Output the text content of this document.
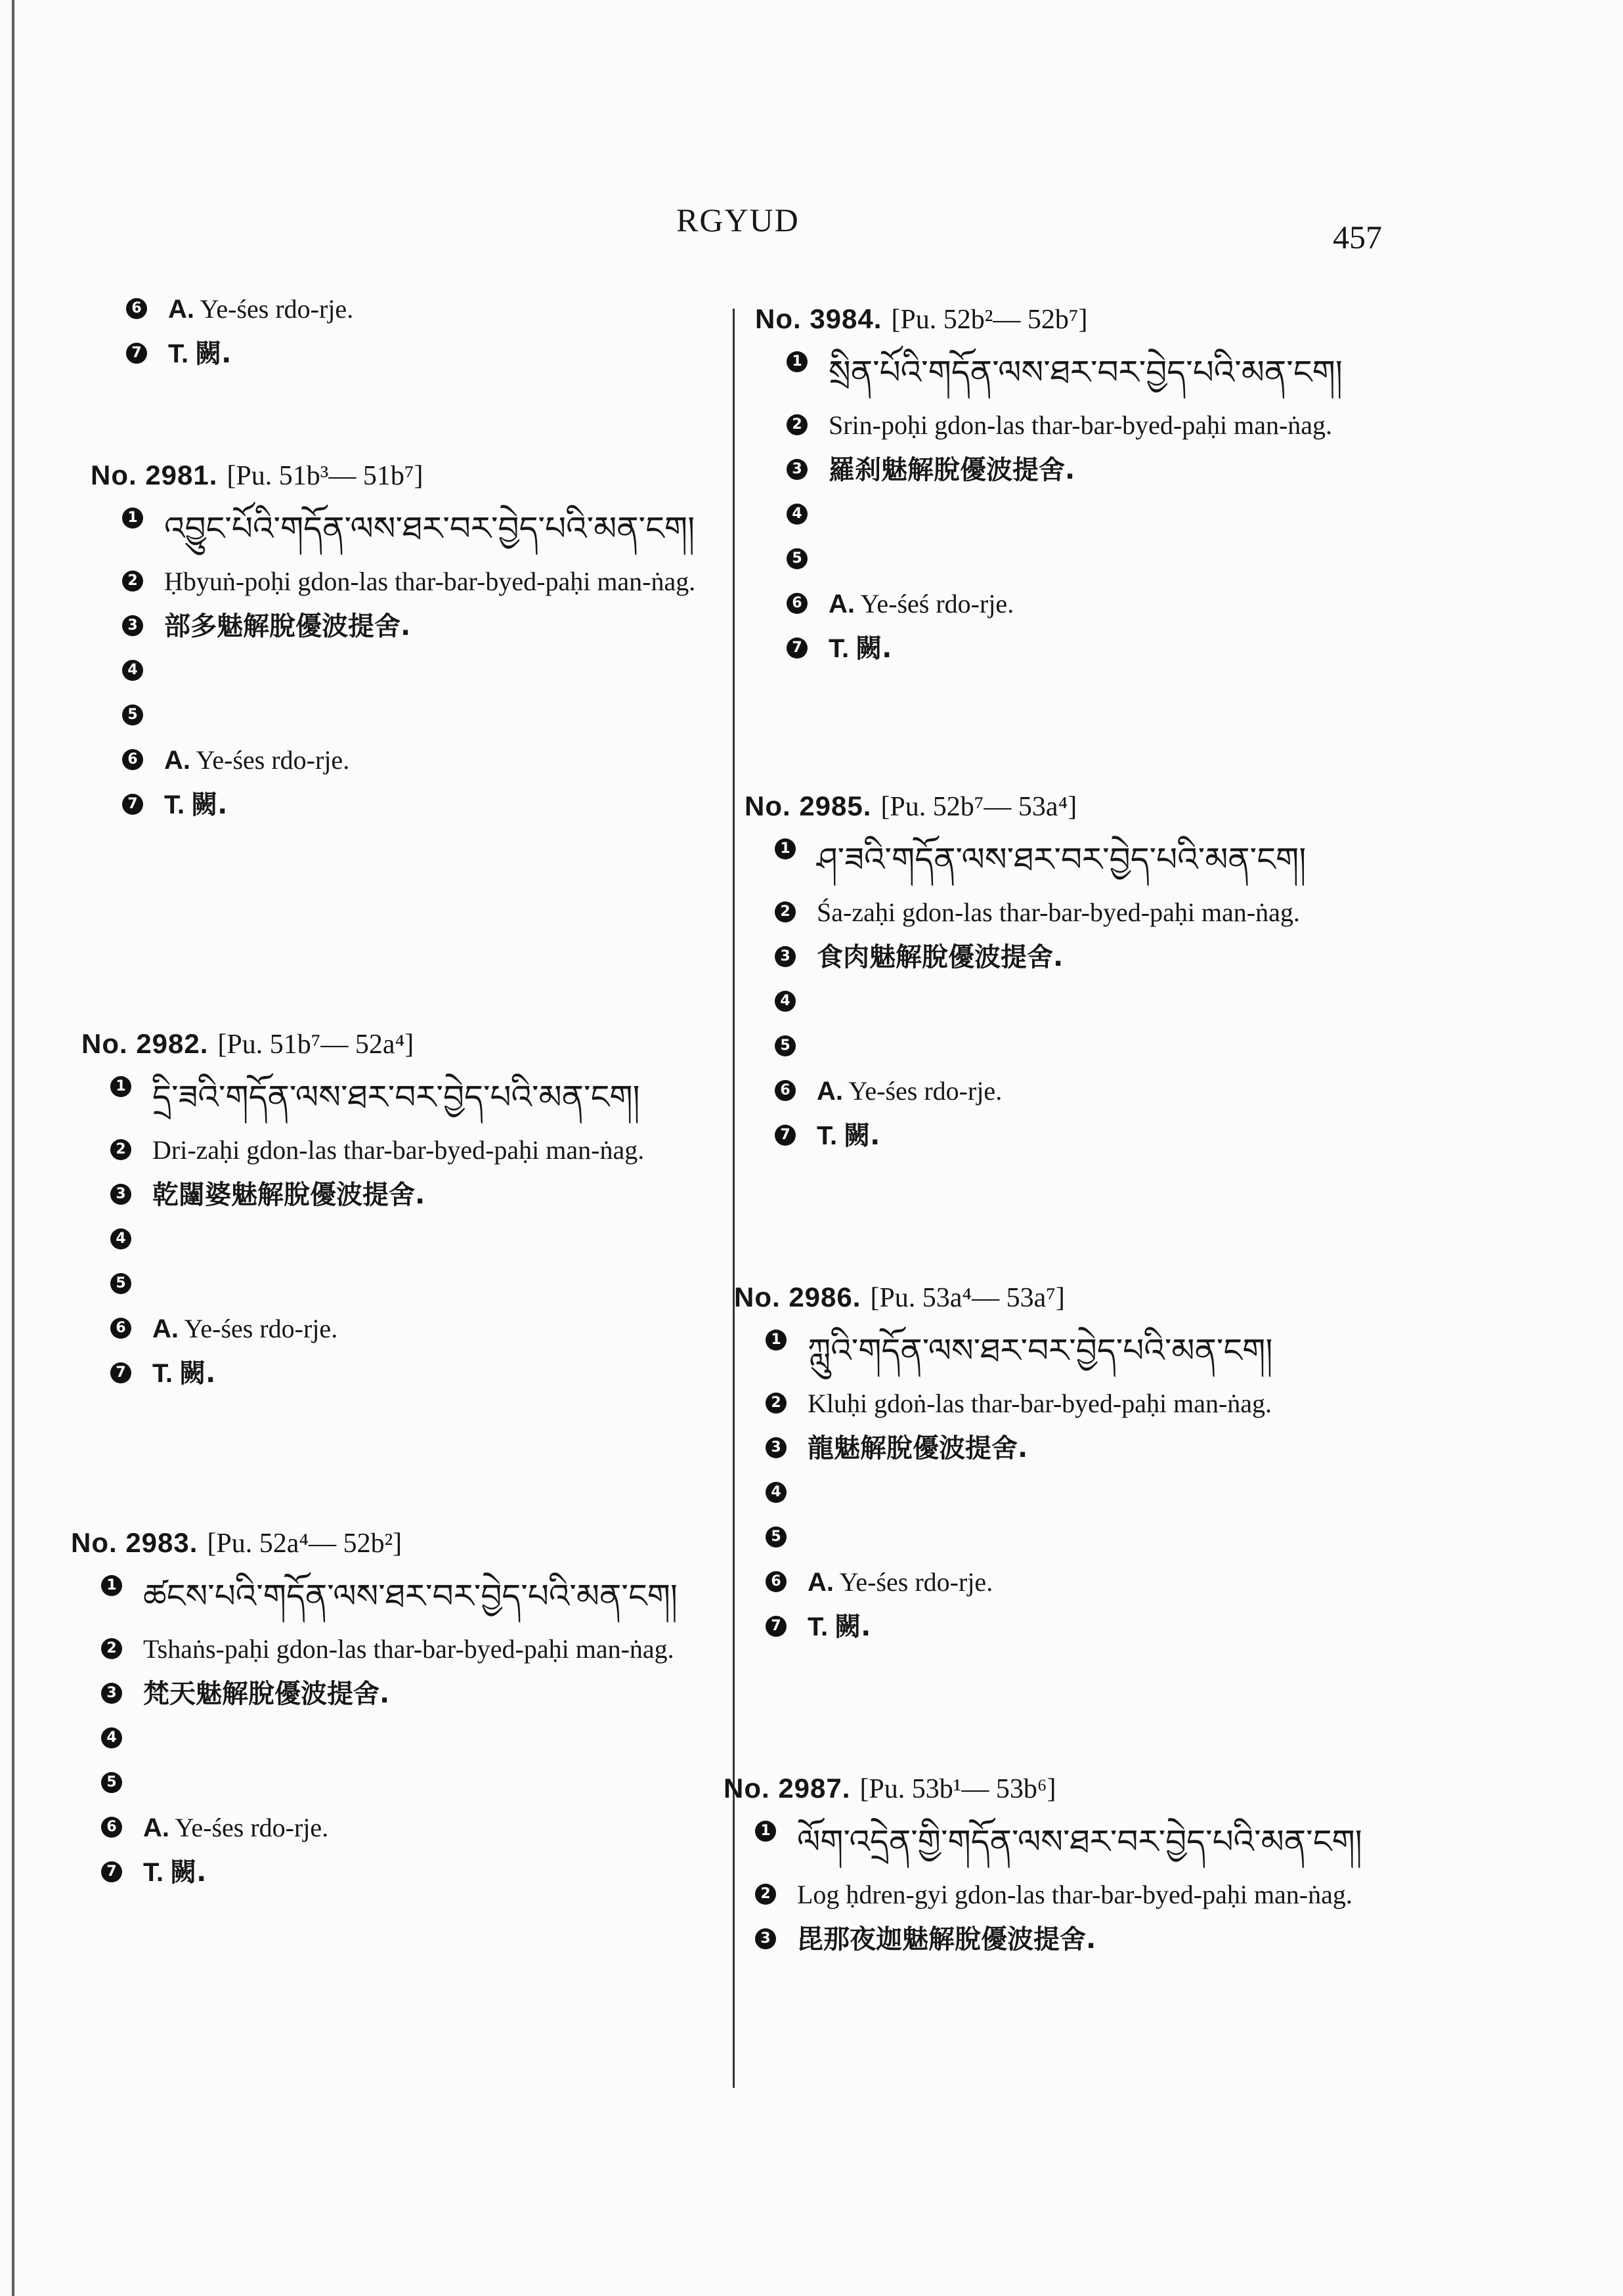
RGYUD	457
6 A. Ye-śes rdo-rje.
7 T. 闕.
No. 2981. [Pu. 51b³— 51b⁷]
1 འབྱུང་པོའི་གདོན་ལས་ཐར་བར་བྱེད་པའི་མན་ངག།
2 Ḥbyuṅ-poḥi gdon-las thar-bar-byed-paḥi man-ṅag.
3 部多魅解脫優波提舍.
4
5
6 A. Ye-śes rdo-rje.
7 T. 闕.
No. 2982. [Pu. 51b⁷— 52a⁴]
1 དྲི་ཟའི་གདོན་ལས་ཐར་བར་བྱེད་པའི་མན་ངག།
2 Dri-zaḥi gdon-las thar-bar-byed-paḥi man-ṅag.
3 乾闥婆魅解脫優波提舍.
4
5
6 A. Ye-śes rdo-rje.
7 T. 闕.
No. 2983. [Pu. 52a⁴— 52b²]
1 ཚངས་པའི་གདོན་ལས་ཐར་བར་བྱེད་པའི་མན་ངག།
2 Tshaṅs-paḥi gdon-las thar-bar-byed-paḥi man-ṅag.
3 梵天魅解脫優波提舍.
4
5
6 A. Ye-śes rdo-rje.
7 T. 闕.
No. 3984. [Pu. 52b²— 52b⁷]
1 སྲིན་པོའི་གདོན་ལས་ཐར་བར་བྱེད་པའི་མན་ངག།
2 Srin-poḥi gdon-las thar-bar-byed-paḥi man-ṅag.
3 羅刹魅解脫優波提舍.
4
5
6 A. Ye-śeś rdo-rje.
7 T. 闕.
No. 2985. [Pu. 52b⁷— 53a⁴]
1 ཤ་ཟའི་གདོན་ལས་ཐར་བར་བྱེད་པའི་མན་ངག།
2 Śa-zaḥi gdon-las thar-bar-byed-paḥi man-ṅag.
3 食肉魅解脫優波提舍.
4
5
6 A. Ye-śes rdo-rje.
7 T. 闕.
No. 2986. [Pu. 53a⁴— 53a⁷]
1 ཀླུའི་གདོན་ལས་ཐར་བར་བྱེད་པའི་མན་ངག།
2 Kluḥi gdoṅ-las thar-bar-byed-paḥi man-ṅag.
3 龍魅解脫優波提舍.
4
5
6 A. Ye-śes rdo-rje.
7 T. 闕.
No. 2987. [Pu. 53b¹— 53b⁶]
1 ལོག་འདྲེན་གྱི་གདོན་ལས་ཐར་བར་བྱེད་པའི་མན་ངག།
2 Log ḥdren-gyi gdon-las thar-bar-byed-paḥi man-ṅag.
3 毘那夜迦魅解脫優波提舍.
